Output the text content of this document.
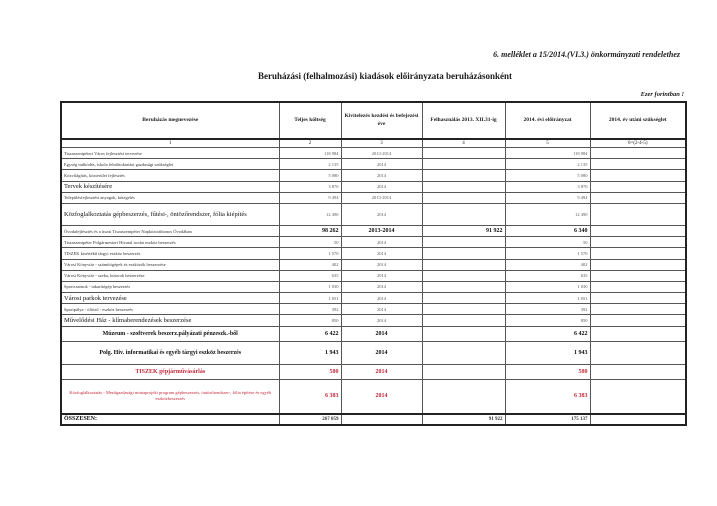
6. melléklet a 15/2014.(VI.3.) önkormányzati rendelethez
Beruházási (felhalmozási) kiadások előirányzata beruházásonként
Ezer forintban !
Beruházás megnevezése	Teljes költség	Kivitelezés kezdési és befejezési éve	Felhasználás 2013. XII.31-ig	2014. évi előirányzat	2014. év utáni szükséglet
1	2	3	4	5	6=(2-4-5)
Tiszaszentpéteri Város fejlesztési tervezése	118 984	2013-2014		118 984	
Egység működés, iskola felnőttoktatási gazdasági szükséglet	2 135	2014		2 135	
Közvilágítás, közterület fejlesztés	5 080	2014		5 080	
Tervek készítésére	3 870	2014		3 870	
Településfejlesztési anyagok, kötegelés	9 494	2013-2014		9 494	
Közfoglalkoztatás gépbeszerzés, fűtési-, öntözőrendszer, fólia kiépítés	12 490	2014		12 490	
Óvodafejlesztés és a tiszai Tiszaszentpéter Napköziotthonos Óvodában	98 262	2013-2014	91 922	6 340	
Tiszaszentpéter Polgármesteri Hivatal irodai eszköz beszerzés	50	2014		50	
TISZEK kisértékű tárgyi eszköz beszerzés	1 570	2014		1 570	
Városi Könyvtár - számítógépek és eszközök beszerzése	402	2014		402	
Városi Könyvtár - szeka, bútorok beszerzése	635	2014		635	
Sportcsarnok - takarítógép beszerzés	1 030	2014		1 030	
Városi parkok tervezése	1 051	2014		1 051	
Sportpálya - öltöző - eszköz beszerzés	392	2014		392	
Művelődési Ház - klímaberendezések beszerzése	850	2014		850	
Múzeum - szoftverek beszerz.pályázati pénzeszk.-ből	6 422	2014		6 422	
Polg. Hiv. informatikai és egyéb tárgyi eszköz beszerzés	1 943	2014		1 943	
TISZEK gépjárművásárlás	580	2014		580	
Közfoglalkoztatás - Mezőgazdasági mintaprojekt program gépbeszerzés, öntözőrendszer-, fólia építése és egyéb eszközbeszerzés	6 383	2014		6 383	
ÖSSZESEN:	267 059		91 922	175 137	
